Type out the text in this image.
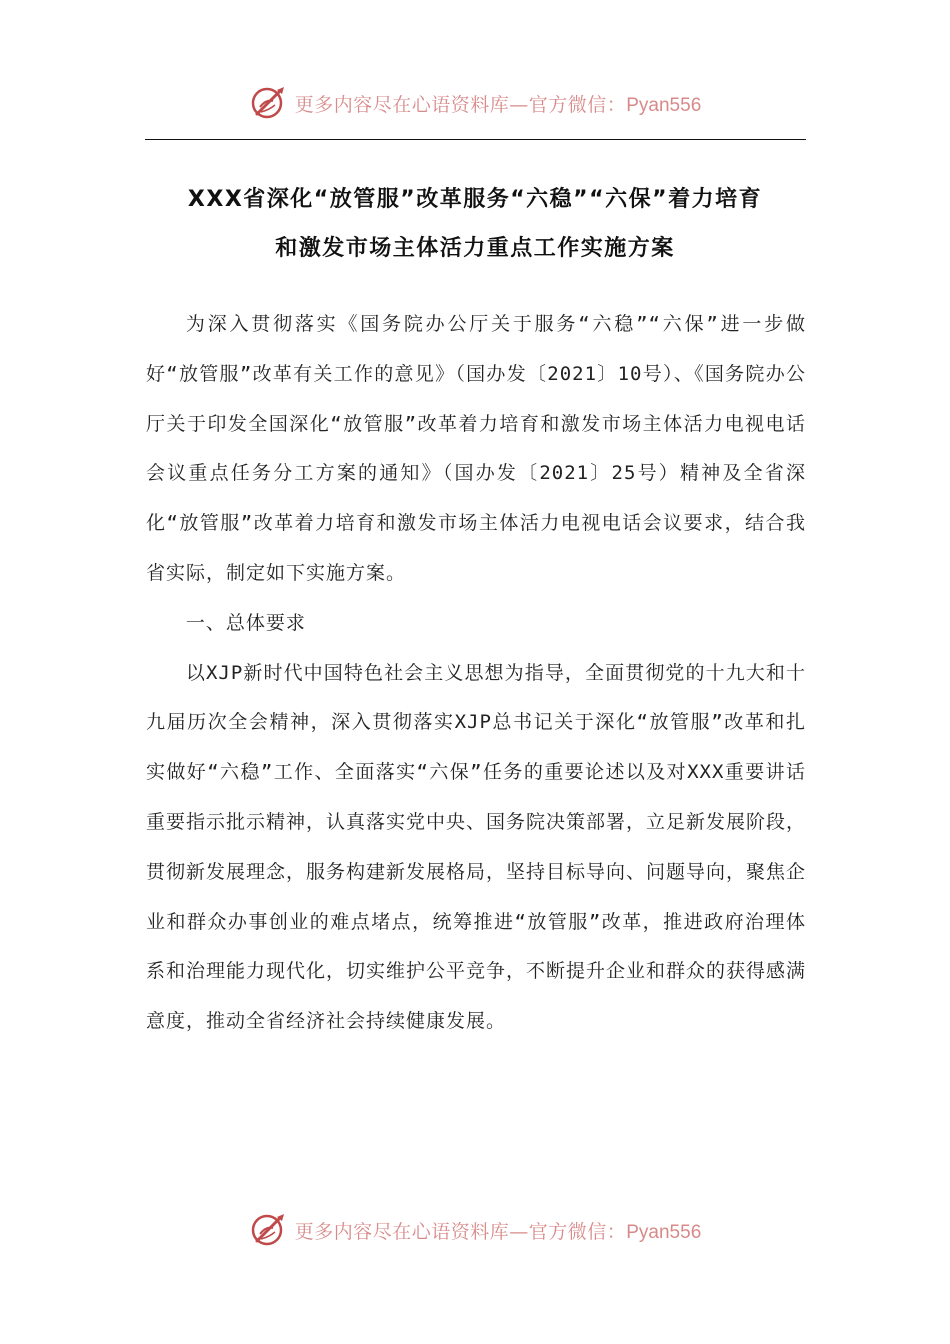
更多内容尽在心语资料库—官方微信：Pyan556
XXX省深化“放管服”改革服务“六稳”“六保”着力培育
和激发市场主体活力重点工作实施方案

为深入贯彻落实《国务院办公厅关于服务“六稳”“六保”进一步做好“放管服”改革有关工作的意见》（国办发〔2021〕10号）、《国务院办公厅关于印发全国深化“放管服”改革着力培育和激发市场主体活力电视电话会议重点任务分工方案的通知》（国办发〔2021〕25号）精神及全省深化“放管服”改革着力培育和激发市场主体活力电视电话会议要求，结合我省实际，制定如下实施方案。

一、总体要求

以XJP新时代中国特色社会主义思想为指导，全面贯彻党的十九大和十九届历次全会精神，深入贯彻落实XJP总书记关于深化“放管服”改革和扎实做好“六稳”工作、全面落实“六保”任务的重要论述以及对XXX重要讲话重要指示批示精神，认真落实党中央、国务院决策部署，立足新发展阶段，贯彻新发展理念，服务构建新发展格局，坚持目标导向、问题导向，聚焦企业和群众办事创业的难点堵点，统筹推进“放管服”改革，推进政府治理体系和治理能力现代化，切实维护公平竞争，不断提升企业和群众的获得感满意度，推动全省经济社会持续健康发展。

更多内容尽在心语资料库—官方微信：Pyan556
